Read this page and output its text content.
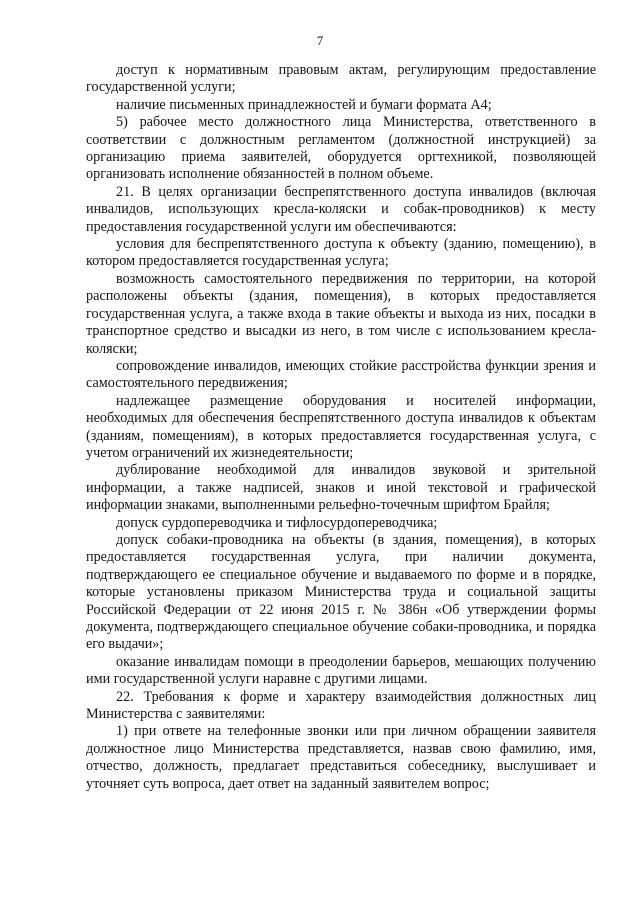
7

доступ к нормативным правовым актам, регулирующим предоставление государственной услуги;

наличие письменных принадлежностей и бумаги формата А4;

5) рабочее место должностного лица Министерства, ответственного в соответствии с должностным регламентом (должностной инструкцией) за организацию приема заявителей, оборудуется оргтехникой, позволяющей организовать исполнение обязанностей в полном объеме.

21. В целях организации беспрепятственного доступа инвалидов (включая инвалидов, использующих кресла-коляски и собак-проводников) к месту предоставления государственной услуги им обеспечиваются:

условия для беспрепятственного доступа к объекту (зданию, помещению), в котором предоставляется государственная услуга;

возможность самостоятельного передвижения по территории, на которой расположены объекты (здания, помещения), в которых предоставляется государственная услуга, а также входа в такие объекты и выхода из них, посадки в транспортное средство и высадки из него, в том числе с использованием кресла-коляски;

сопровождение инвалидов, имеющих стойкие расстройства функции зрения и самостоятельного передвижения;

надлежащее размещение оборудования и носителей информации, необходимых для обеспечения беспрепятственного доступа инвалидов к объектам (зданиям, помещениям), в которых предоставляется государственная услуга, с учетом ограничений их жизнедеятельности;

дублирование необходимой для инвалидов звуковой и зрительной информации, а также надписей, знаков и иной текстовой и графической информации знаками, выполненными рельефно-точечным шрифтом Брайля;

допуск сурдопереводчика и тифлосурдопереводчика;

допуск собаки-проводника на объекты (в здания, помещения), в которых предоставляется государственная услуга, при наличии документа, подтверждающего ее специальное обучение и выдаваемого по форме и в порядке, которые установлены приказом Министерства труда и социальной защиты Российской Федерации от 22 июня 2015 г. № 386н «Об утверждении формы документа, подтверждающего специальное обучение собаки-проводника, и порядка его выдачи»;

оказание инвалидам помощи в преодолении барьеров, мешающих получению ими государственной услуги наравне с другими лицами.

22. Требования к форме и характеру взаимодействия должностных лиц Министерства с заявителями:

1) при ответе на телефонные звонки или при личном обращении заявителя должностное лицо Министерства представляется, назвав свою фамилию, имя, отчество, должность, предлагает представиться собеседнику, выслушивает и уточняет суть вопроса, дает ответ на заданный заявителем вопрос;
